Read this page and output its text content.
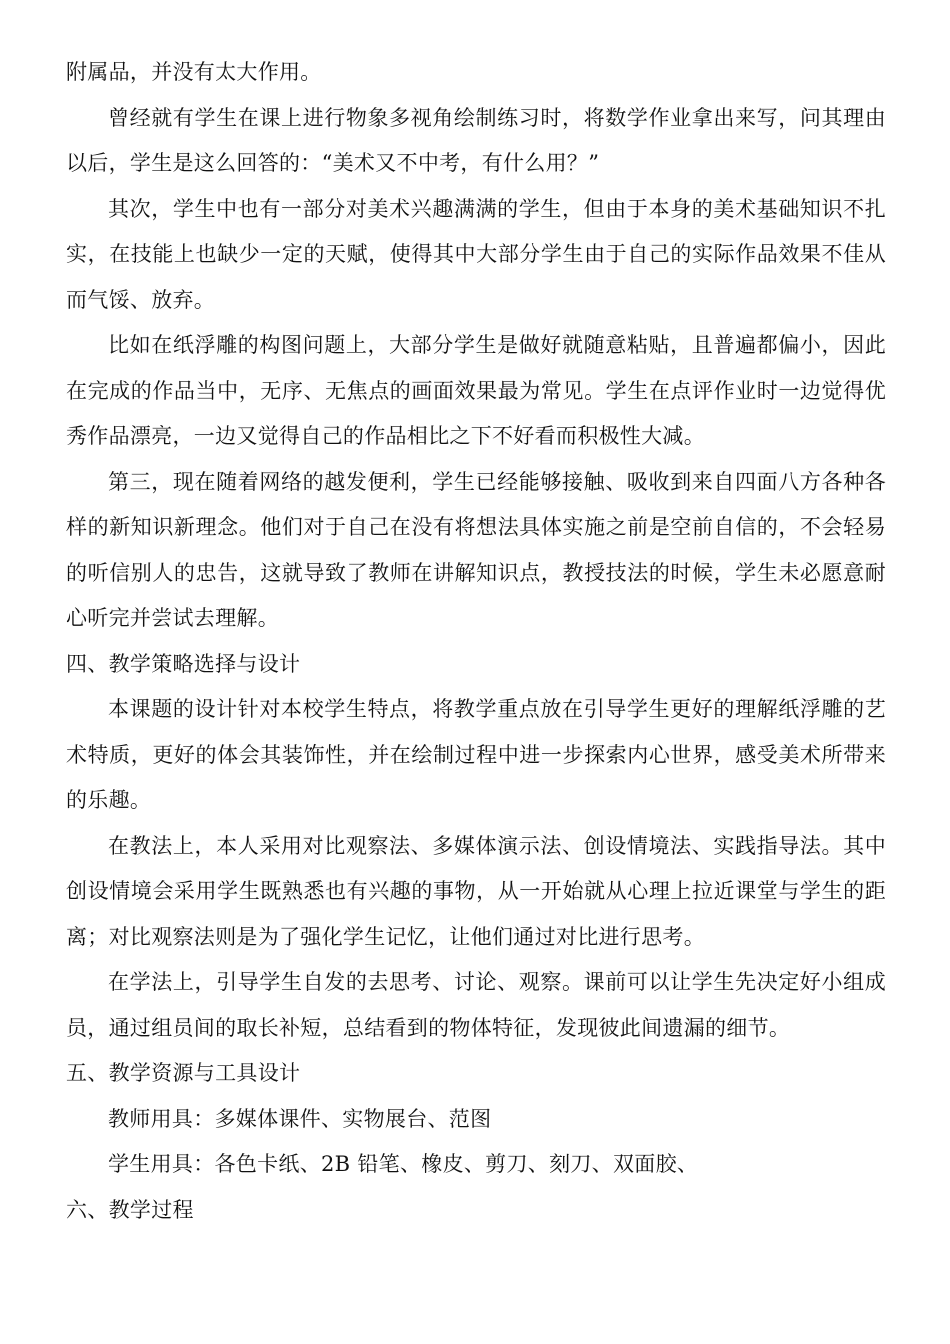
附属品，并没有太大作用。

曾经就有学生在课上进行物象多视角绘制练习时，将数学作业拿出来写，问其理由以后，学生是这么回答的：“美术又不中考，有什么用？”

其次，学生中也有一部分对美术兴趣满满的学生，但由于本身的美术基础知识不扎实，在技能上也缺少一定的天赋，使得其中大部分学生由于自己的实际作品效果不佳从而气馁、放弃。

比如在纸浮雕的构图问题上，大部分学生是做好就随意粘贴，且普遍都偏小，因此在完成的作品当中，无序、无焦点的画面效果最为常见。学生在点评作业时一边觉得优秀作品漂亮，一边又觉得自己的作品相比之下不好看而积极性大减。

第三，现在随着网络的越发便利，学生已经能够接触、吸收到来自四面八方各种各样的新知识新理念。他们对于自己在没有将想法具体实施之前是空前自信的，不会轻易的听信别人的忠告，这就导致了教师在讲解知识点，教授技法的时候，学生未必愿意耐心听完并尝试去理解。

四、教学策略选择与设计

本课题的设计针对本校学生特点，将教学重点放在引导学生更好的理解纸浮雕的艺术特质，更好的体会其装饰性，并在绘制过程中进一步探索内心世界，感受美术所带来的乐趣。

在教法上，本人采用对比观察法、多媒体演示法、创设情境法、实践指导法。其中创设情境会采用学生既熟悉也有兴趣的事物，从一开始就从心理上拉近课堂与学生的距离；对比观察法则是为了强化学生记忆，让他们通过对比进行思考。

在学法上，引导学生自发的去思考、讨论、观察。课前可以让学生先决定好小组成员，通过组员间的取长补短，总结看到的物体特征，发现彼此间遗漏的细节。

五、教学资源与工具设计

教师用具：多媒体课件、实物展台、范图

学生用具：各色卡纸、2B 铅笔、橡皮、剪刀、刻刀、双面胶、

六、教学过程
